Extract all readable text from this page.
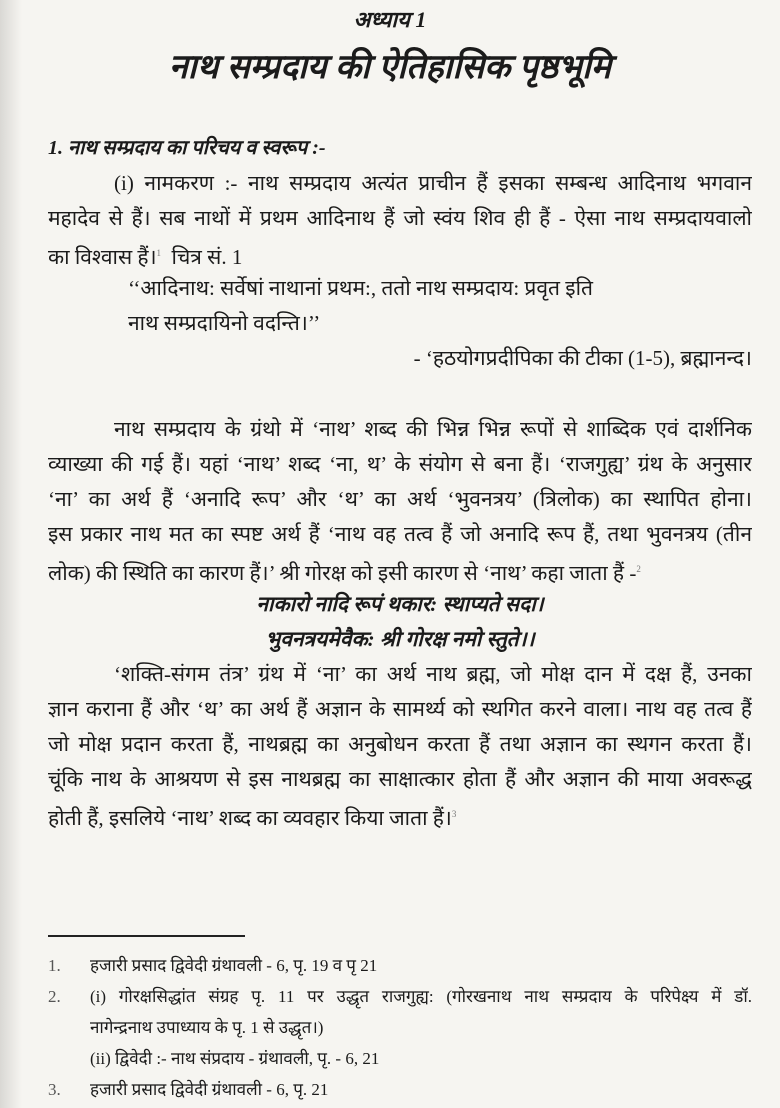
अध्याय 1
नाथ सम्प्रदाय की ऐतिहासिक पृष्ठभूमि
1. नाथ सम्प्रदाय का परिचय व स्वरूप :-
(i) नामकरण :- नाथ सम्प्रदाय अत्यंत प्राचीन हैं इसका सम्बन्ध आदिनाथ भगवान
महादेव से हैं। सब नाथों में प्रथम आदिनाथ हैं जो स्वंय शिव ही हैं - ऐसा नाथ सम्प्रदायवालो
का विश्वास हैं।$^1$ चित्र सं. 1
‘‘आदिनाथ: सर्वेषां नाथानां प्रथम:, ततो नाथ सम्प्रदाय: प्रवृत इति
नाथ सम्प्रदायिनो वदन्ति।’’
- ‘हठयोगप्रदीपिका की टीका (1-5), ब्रह्मानन्द।
नाथ सम्प्रदाय के ग्रंथो में ‘नाथ’ शब्द की भिन्न भिन्न रूपों से शाब्दिक एवं दार्शनिक
व्याख्या की गई हैं। यहां ‘नाथ’ शब्द ‘ना, थ’ के संयोग से बना हैं। ‘राजगुह्य’ ग्रंथ के अनुसार
‘ना’ का अर्थ हैं ‘अनादि रूप’ और ‘थ’ का अर्थ ‘भुवनत्रय’ (त्रिलोक) का स्थापित होना।
इस प्रकार नाथ मत का स्पष्ट अर्थ हैं ‘नाथ वह तत्व हैं जो अनादि रूप हैं, तथा भुवनत्रय (तीन
लोक) की स्थिति का कारण हैं।’ श्री गोरक्ष को इसी कारण से ‘नाथ’ कहा जाता हैं -$^2$
नाकारो नादि रूपं थकार: स्थाप्यते सदा।
भुवनत्रयमेवैक: श्री गोरक्ष नमो स्तुते।।
‘शक्ति-संगम तंत्र’ ग्रंथ में ‘ना’ का अर्थ नाथ ब्रह्म, जो मोक्ष दान में दक्ष हैं, उनका
ज्ञान कराना हैं और ‘थ’ का अर्थ हैं अज्ञान के सामर्थ्य को स्थगित करने वाला। नाथ वह तत्व हैं
जो मोक्ष प्रदान करता हैं, नाथब्रह्म का अनुबोधन करता हैं तथा अज्ञान का स्थगन करता हैं।
चूंकि नाथ के आश्रयण से इस नाथब्रह्म का साक्षात्कार होता हैं और अज्ञान की माया अवरूद्ध
होती हैं, इसलिये ‘नाथ’ शब्द का व्यवहार किया जाता हैं।$^3$
1.	हजारी प्रसाद द्विवेदी ग्रंथावली - 6, पृ. 19 व पृ 21
2.	(i) गोरक्षसिद्धांत संग्रह पृ. 11 पर उद्धृत राजगुह्य: (गोरखनाथ नाथ सम्प्रदाय के परिपेक्ष्य में डॉ.
नागेन्द्रनाथ उपाध्याय के पृ. 1 से उद्धृत।)
(ii) द्विवेदी :- नाथ संप्रदाय - ग्रंथावली, पृ. - 6, 21
3.	हजारी प्रसाद द्विवेदी ग्रंथावली - 6, पृ. 21
